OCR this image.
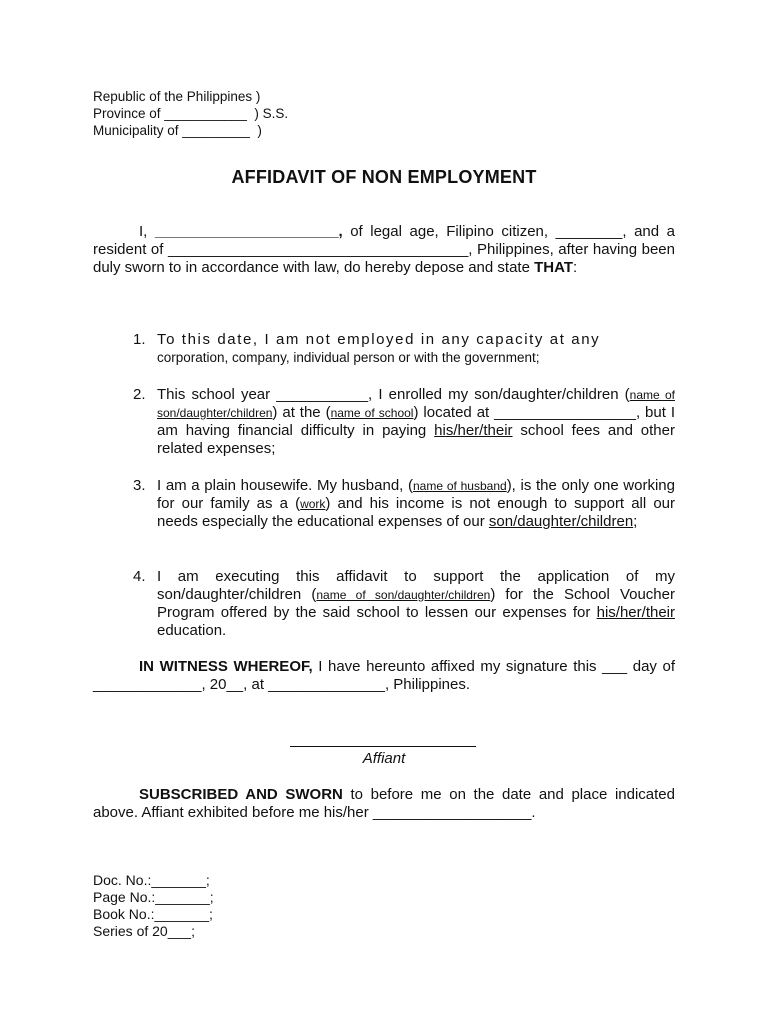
Republic of the Philippines )
Province of ___________  ) S.S.
Municipality of _________  )
AFFIDAVIT OF NON EMPLOYMENT
I, ______________________, of legal age, Filipino citizen, ________, and a resident of ____________________________________, Philippines, after having been duly sworn to in accordance with law, do hereby depose and state THAT:
1. To this date, I am not employed in any capacity at any
corporation, company, individual person or with the government;
2. This school year ___________, I enrolled my son/daughter/children (name of son/daughter/children) at the (name of school) located at _________________, but I am having financial difficulty in paying his/her/their school fees and other related expenses;
3. I am a plain housewife. My husband, (name of husband), is the only one working for our family as a (work) and his income is not enough to support all our needs especially the educational expenses of our son/daughter/children;
4. I am executing this affidavit to support the application of my son/daughter/children (name of son/daughter/children) for the School Voucher Program offered by the said school to lessen our expenses for his/her/their education.
IN WITNESS WHEREOF, I have hereunto affixed my signature this ___ day of _____________, 20__, at ______________, Philippines.
Affiant
SUBSCRIBED AND SWORN to before me on the date and place indicated above. Affiant exhibited before me his/her ___________________.
Doc. No.:_______;
Page No.:_______;
Book No.:_______;
Series of 20___;
